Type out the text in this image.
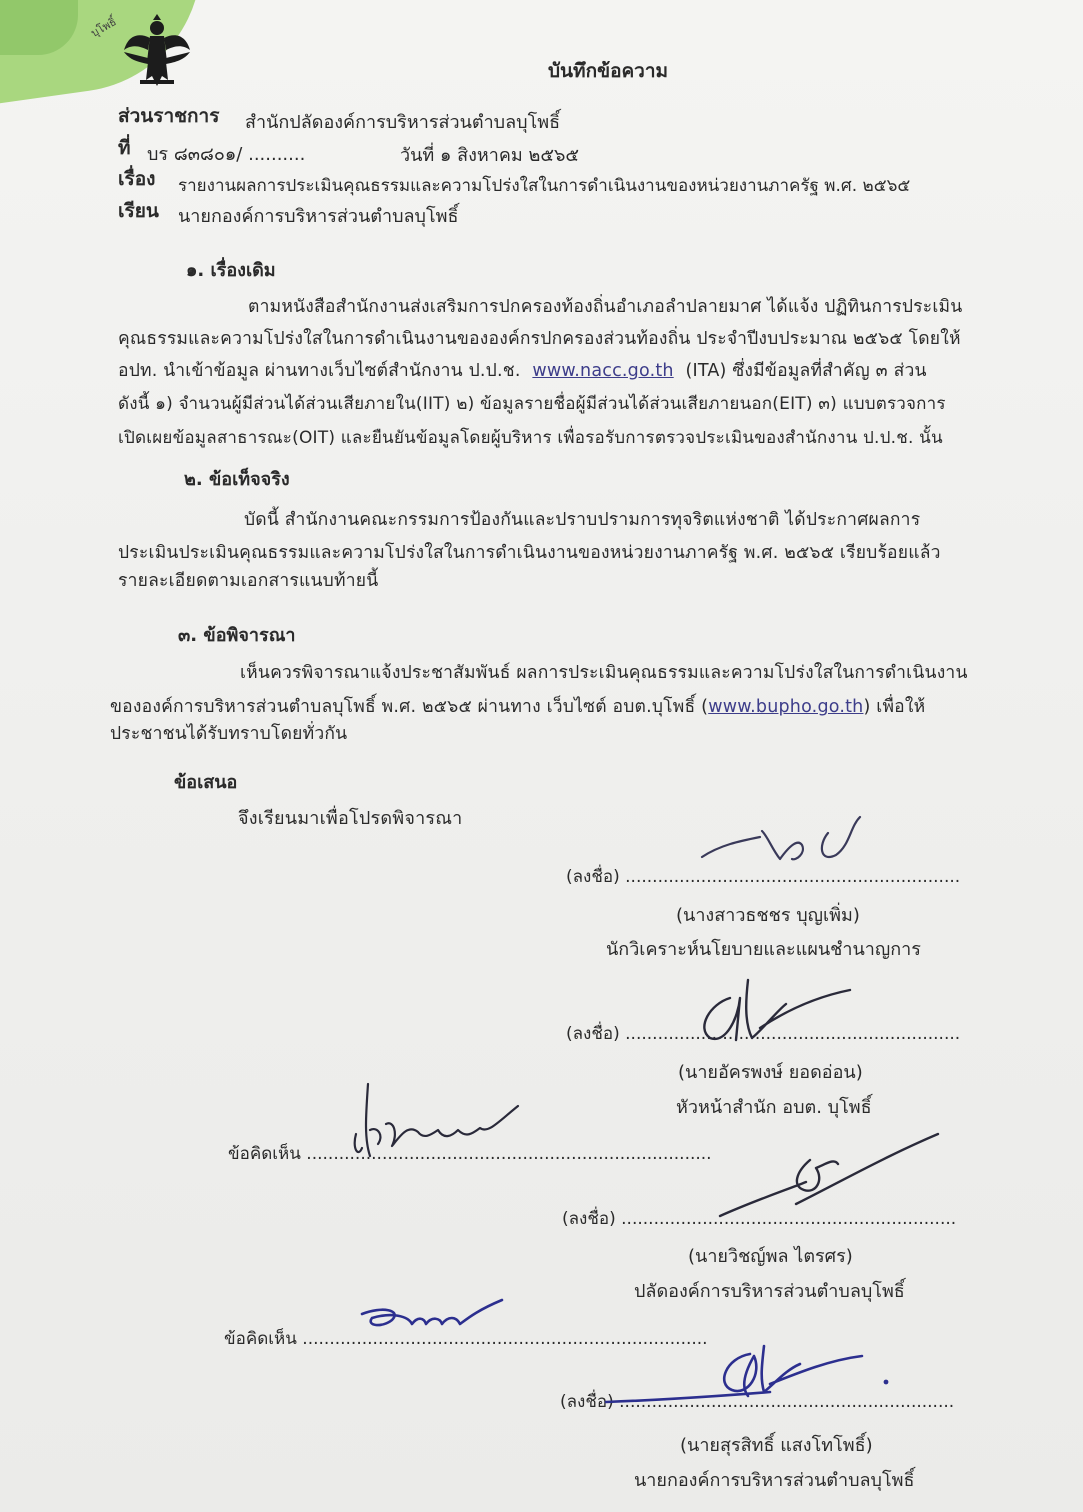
บุโพธิ์
บันทึกข้อความ
ส่วนราชการ สำนักปลัดองค์การบริหารส่วนตำบลบุโพธิ์
ที่ บร ๘๓๘๐๑/ ..........	วันที่ ๑ สิงหาคม ๒๕๖๕
เรื่อง รายงานผลการประเมินคุณธรรมและความโปร่งใสในการดำเนินงานของหน่วยงานภาครัฐ พ.ศ. ๒๕๖๕
เรียน นายกองค์การบริหารส่วนตำบลบุโพธิ์
๑. เรื่องเดิม
ตามหนังสือสำนักงานส่งเสริมการปกครองท้องถิ่นอำเภอลำปลายมาศ ได้แจ้ง ปฏิทินการประเมิน
คุณธรรมและความโปร่งใสในการดำเนินงานขององค์กรปกครองส่วนท้องถิ่น ประจำปีงบประมาณ ๒๕๖๕ โดยให้
อปท. นำเข้าข้อมูล ผ่านทางเว็บไซต์สำนักงาน ป.ป.ช. www.nacc.go.th (ITA) ซึ่งมีข้อมูลที่สำคัญ ๓ ส่วน
ดังนี้ ๑) จำนวนผู้มีส่วนได้ส่วนเสียภายใน(IIT) ๒) ข้อมูลรายชื่อผู้มีส่วนได้ส่วนเสียภายนอก(EIT) ๓) แบบตรวจการ
เปิดเผยข้อมูลสาธารณะ(OIT) และยืนยันข้อมูลโดยผู้บริหาร เพื่อรอรับการตรวจประเมินของสำนักงาน ป.ป.ช. นั้น
๒. ข้อเท็จจริง
บัดนี้ สำนักงานคณะกรรมการป้องกันและปราบปรามการทุจริตแห่งชาติ ได้ประกาศผลการ
ประเมินประเมินคุณธรรมและความโปร่งใสในการดำเนินงานของหน่วยงานภาครัฐ พ.ศ. ๒๕๖๕ เรียบร้อยแล้ว
รายละเอียดตามเอกสารแนบท้ายนี้
๓. ข้อพิจารณา
เห็นควรพิจารณาแจ้งประชาสัมพันธ์ ผลการประเมินคุณธรรมและความโปร่งใสในการดำเนินงาน
ขององค์การบริหารส่วนตำบลบุโพธิ์ พ.ศ. ๒๕๖๕ ผ่านทาง เว็บไซต์ อบต.บุโพธิ์ (www.bupho.go.th) เพื่อให้
ประชาชนได้รับทราบโดยทั่วกัน
ข้อเสนอ
จึงเรียนมาเพื่อโปรดพิจารณา
(ลงชื่อ) ..............................................................
(นางสาวธชชร บุญเพิ่ม)
นักวิเคราะห์นโยบายและแผนชำนาญการ
(ลงชื่อ) ..............................................................
(นายอัครพงษ์ ยอดอ่อน)
หัวหน้าสำนัก อบต. บุโพธิ์
ข้อคิดเห็น ...........................................................................
(ลงชื่อ) ..............................................................
(นายวิชญ์พล ไตรศร)
ปลัดองค์การบริหารส่วนตำบลบุโพธิ์
ข้อคิดเห็น ...........................................................................
(ลงชื่อ) ..............................................................
(นายสุรสิทธิ์ แสงโทโพธิ์)
นายกองค์การบริหารส่วนตำบลบุโพธิ์
